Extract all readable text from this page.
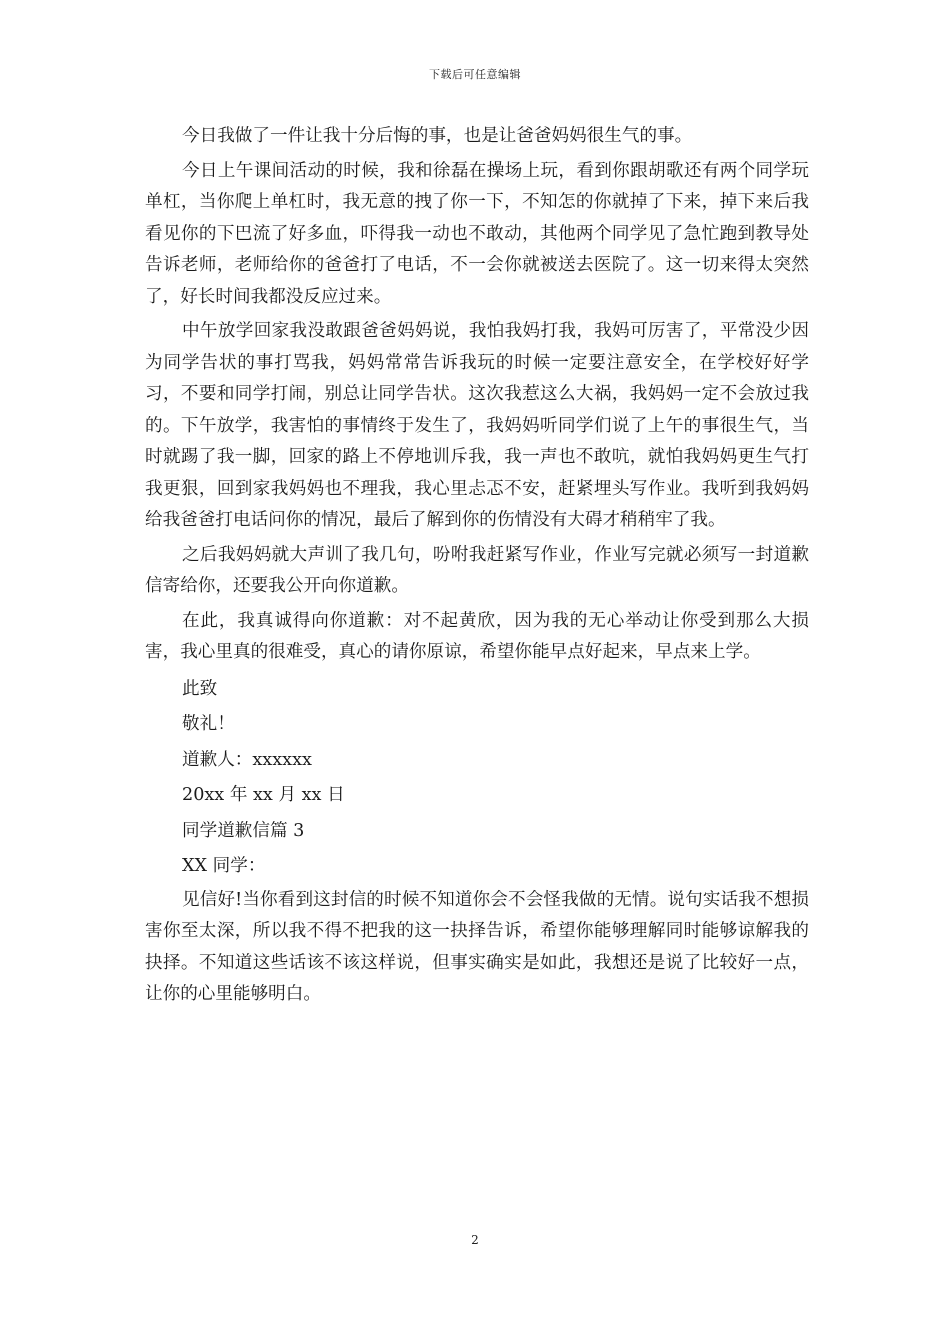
下载后可任意编辑

今日我做了一件让我十分后悔的事，也是让爸爸妈妈很生气的事。

今日上午课间活动的时候，我和徐磊在操场上玩，看到你跟胡歌还有两个同学玩单杠，当你爬上单杠时，我无意的拽了你一下，不知怎的你就掉了下来，掉下来后我看见你的下巴流了好多血，吓得我一动也不敢动，其他两个同学见了急忙跑到教导处告诉老师，老师给你的爸爸打了电话，不一会你就被送去医院了。这一切来得太突然了，好长时间我都没反应过来。

中午放学回家我没敢跟爸爸妈妈说，我怕我妈打我，我妈可厉害了，平常没少因为同学告状的事打骂我，妈妈常常告诉我玩的时候一定要注意安全，在学校好好学习，不要和同学打闹，别总让同学告状。这次我惹这么大祸，我妈妈一定不会放过我的。下午放学，我害怕的事情终于发生了，我妈妈听同学们说了上午的事很生气，当时就踢了我一脚，回家的路上不停地训斥我，我一声也不敢吭，就怕我妈妈更生气打我更狠，回到家我妈妈也不理我，我心里忐忑不安，赶紧埋头写作业。我听到我妈妈给我爸爸打电话问你的情况，最后了解到你的伤情没有大碍才稍稍牢了我。

之后我妈妈就大声训了我几句，吩咐我赶紧写作业，作业写完就必须写一封道歉信寄给你，还要我公开向你道歉。

在此，我真诚得向你道歉：对不起黄欣，因为我的无心举动让你受到那么大损害，我心里真的很难受，真心的请你原谅，希望你能早点好起来，早点来上学。

此致

敬礼！

道歉人：xxxxxx

20xx 年 xx 月 xx 日

同学道歉信篇 3

XX 同学：

见信好!当你看到这封信的时候不知道你会不会怪我做的无情。说句实话我不想损害你至太深，所以我不得不把我的这一抉择告诉，希望你能够理解同时能够谅解我的抉择。不知道这些话该不该这样说，但事实确实是如此，我想还是说了比较好一点，让你的心里能够明白。

2
